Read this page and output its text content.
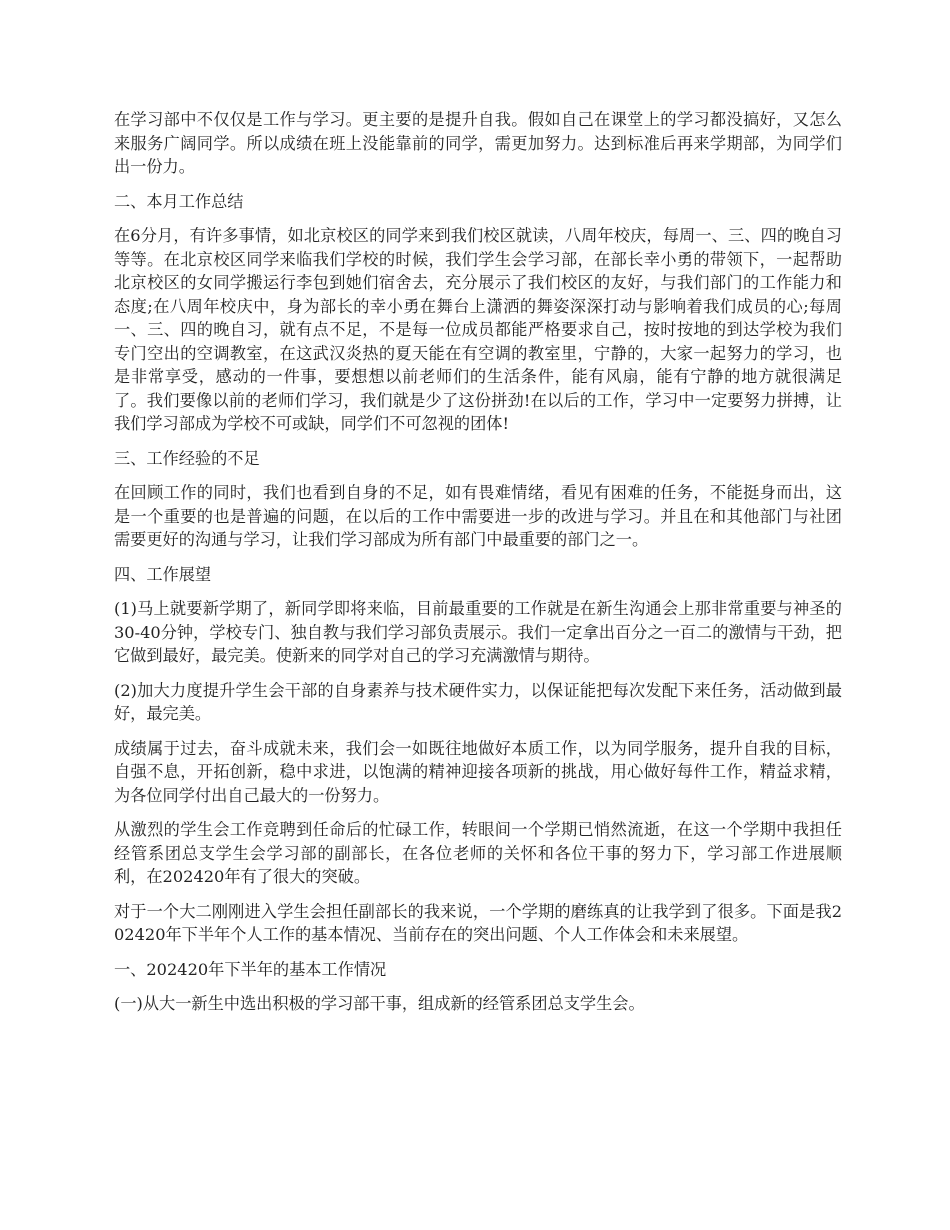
在学习部中不仅仅是工作与学习。更主要的是提升自我。假如自己在课堂上的学习都没搞好，又怎么来服务广阔同学。所以成绩在班上没能靠前的同学，需更加努力。达到标准后再来学期部，为同学们出一份力。

二、本月工作总结

在6分月，有许多事情，如北京校区的同学来到我们校区就读，八周年校庆，每周一、三、四的晚自习等等。在北京校区同学来临我们学校的时候，我们学生会学习部，在部长幸小勇的带领下，一起帮助北京校区的女同学搬运行李包到她们宿舍去，充分展示了我们校区的友好，与我们部门的工作能力和态度;在八周年校庆中，身为部长的幸小勇在舞台上潇洒的舞姿深深打动与影响着我们成员的心;每周一、三、四的晚自习，就有点不足，不是每一位成员都能严格要求自己，按时按地的到达学校为我们专门空出的空调教室，在这武汉炎热的夏天能在有空调的教室里，宁静的，大家一起努力的学习，也是非常享受，感动的一件事，要想想以前老师们的生活条件，能有风扇，能有宁静的地方就很满足了。我们要像以前的老师们学习，我们就是少了这份拼劲!在以后的工作，学习中一定要努力拼搏，让我们学习部成为学校不可或缺，同学们不可忽视的团体!

三、工作经验的不足

在回顾工作的同时，我们也看到自身的不足，如有畏难情绪，看见有困难的任务，不能挺身而出，这是一个重要的也是普遍的问题，在以后的工作中需要进一步的改进与学习。并且在和其他部门与社团需要更好的沟通与学习，让我们学习部成为所有部门中最重要的部门之一。

四、工作展望

(1)马上就要新学期了，新同学即将来临，目前最重要的工作就是在新生沟通会上那非常重要与神圣的30-40分钟，学校专门、独自教与我们学习部负责展示。我们一定拿出百分之一百二的激情与干劲，把它做到最好，最完美。使新来的同学对自己的学习充满激情与期待。

(2)加大力度提升学生会干部的自身素养与技术硬件实力，以保证能把每次发配下来任务，活动做到最好，最完美。

成绩属于过去，奋斗成就未来，我们会一如既往地做好本质工作，以为同学服务，提升自我的目标，自强不息，开拓创新，稳中求进，以饱满的精神迎接各项新的挑战，用心做好每件工作，精益求精，为各位同学付出自己最大的一份努力。

从激烈的学生会工作竞聘到任命后的忙碌工作，转眼间一个学期已悄然流逝，在这一个学期中我担任经管系团总支学生会学习部的副部长，在各位老师的关怀和各位干事的努力下，学习部工作进展顺利，在202420年有了很大的突破。

对于一个大二刚刚进入学生会担任副部长的我来说，一个学期的磨练真的让我学到了很多。下面是我202420年下半年个人工作的基本情况、当前存在的突出问题、个人工作体会和未来展望。

一、202420年下半年的基本工作情况

(一)从大一新生中选出积极的学习部干事，组成新的经管系团总支学生会。
